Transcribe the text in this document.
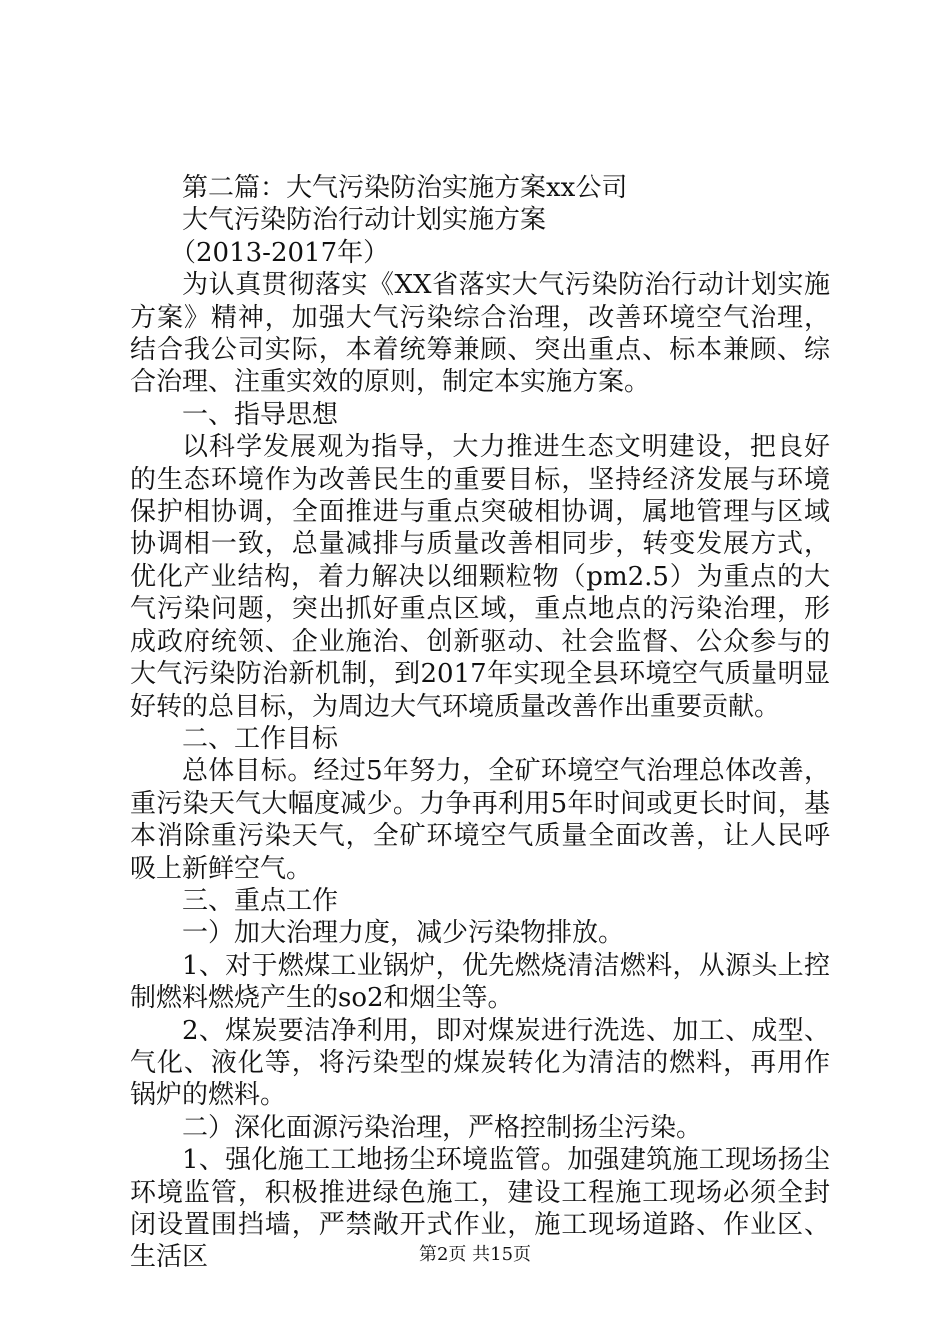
第二篇：大气污染防治实施方案xx公司

大气污染防治行动计划实施方案

（2013-2017年）

为认真贯彻落实《XX省落实大气污染防治行动计划实施方案》精神，加强大气污染综合治理，改善环境空气治理，结合我公司实际，本着统筹兼顾、突出重点、标本兼顾、综合治理、注重实效的原则，制定本实施方案。

一、指导思想

以科学发展观为指导，大力推进生态文明建设，把良好的生态环境作为改善民生的重要目标，坚持经济发展与环境保护相协调，全面推进与重点突破相协调，属地管理与区域协调相一致，总量减排与质量改善相同步，转变发展方式，优化产业结构，着力解决以细颗粒物（pm2.5）为重点的大气污染问题，突出抓好重点区域，重点地点的污染治理，形成政府统领、企业施治、创新驱动、社会监督、公众参与的大气污染防治新机制，到2017年实现全县环境空气质量明显好转的总目标，为周边大气环境质量改善作出重要贡献。

二、工作目标

总体目标。经过5年努力，全矿环境空气治理总体改善，重污染天气大幅度减少。力争再利用5年时间或更长时间，基本消除重污染天气，全矿环境空气质量全面改善，让人民呼吸上新鲜空气。

三、重点工作

一）加大治理力度，减少污染物排放。

1、对于燃煤工业锅炉，优先燃烧清洁燃料，从源头上控制燃料燃烧产生的so2和烟尘等。

2、煤炭要洁净利用，即对煤炭进行洗选、加工、成型、气化、液化等，将污染型的煤炭转化为清洁的燃料，再用作锅炉的燃料。

二）深化面源污染治理，严格控制扬尘污染。

1、强化施工工地扬尘环境监管。加强建筑施工现场扬尘环境监管，积极推进绿色施工，建设工程施工现场必须全封闭设置围挡墙，严禁敞开式作业，施工现场道路、作业区、生活区	第2页 共15页
